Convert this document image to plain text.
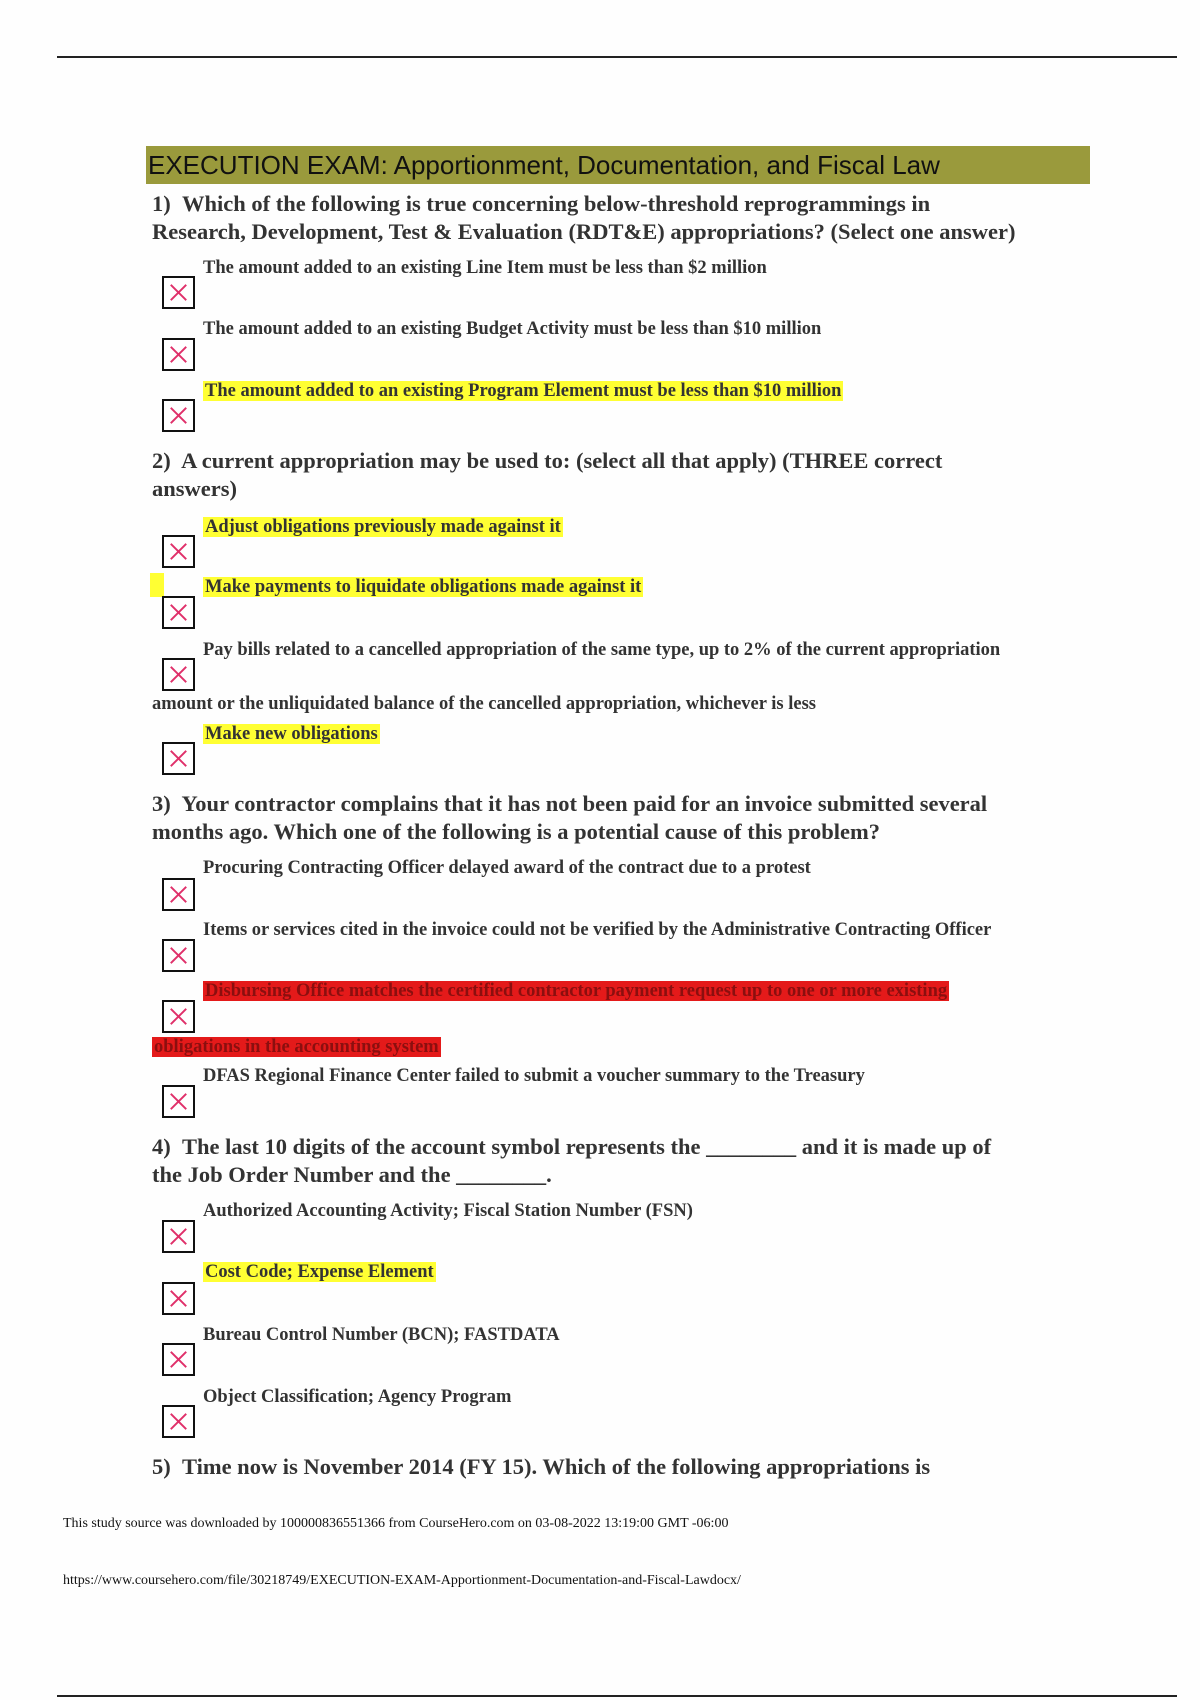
EXECUTION EXAM: Apportionment, Documentation, and Fiscal Law
1) Which of the following is true concerning below-threshold reprogrammings in
Research, Development, Test & Evaluation (RDT&E) appropriations? (Select one answer)
The amount added to an existing Line Item must be less than $2 million
The amount added to an existing Budget Activity must be less than $10 million
The amount added to an existing Program Element must be less than $10 million
2) A current appropriation may be used to: (select all that apply) (THREE correct
answers)
Adjust obligations previously made against it
Make payments to liquidate obligations made against it
Pay bills related to a cancelled appropriation of the same type, up to 2% of the current appropriation
amount or the unliquidated balance of the cancelled appropriation, whichever is less
Make new obligations
3) Your contractor complains that it has not been paid for an invoice submitted several
months ago. Which one of the following is a potential cause of this problem?
Procuring Contracting Officer delayed award of the contract due to a protest
Items or services cited in the invoice could not be verified by the Administrative Contracting Officer
Disbursing Office matches the certified contractor payment request up to one or more existing
obligations in the accounting system
DFAS Regional Finance Center failed to submit a voucher summary to the Treasury
4) The last 10 digits of the account symbol represents the ________ and it is made up of
the Job Order Number and the ________.
Authorized Accounting Activity; Fiscal Station Number (FSN)
Cost Code; Expense Element
Bureau Control Number (BCN); FASTDATA
Object Classification; Agency Program
5) Time now is November 2014 (FY 15). Which of the following appropriations is
This study source was downloaded by 100000836551366 from CourseHero.com on 03-08-2022 13:19:00 GMT -06:00
https://www.coursehero.com/file/30218749/EXECUTION-EXAM-Apportionment-Documentation-and-Fiscal-Lawdocx/
